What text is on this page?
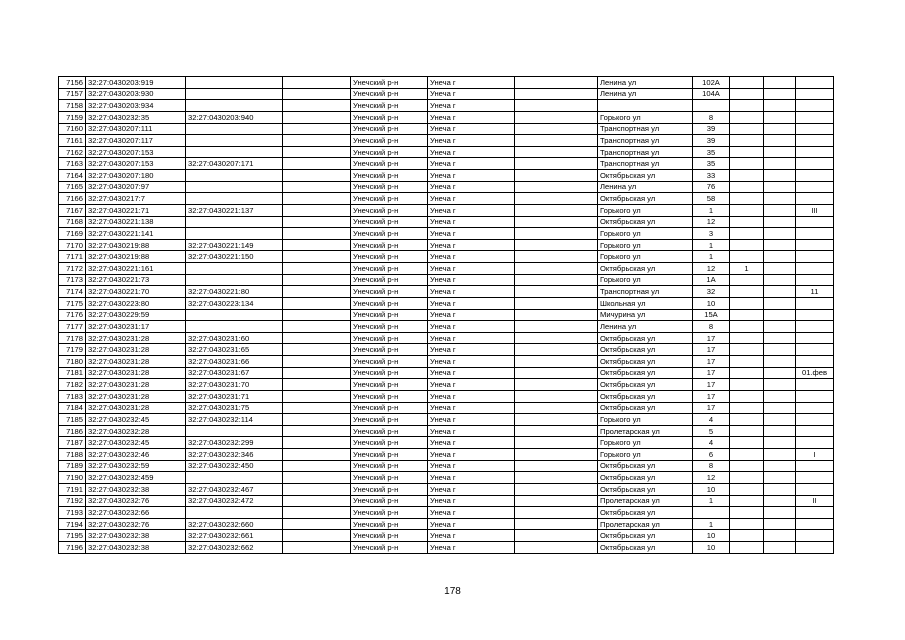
7156	32:27:0430203:919			Унечский р-н	Унеча г		Ленина ул	102А			
7157	32:27:0430203:930			Унечский р-н	Унеча г		Ленина ул	104А			
7158	32:27:0430203:934			Унечский р-н	Унеча г						
7159	32:27:0430232:35	32:27:0430203:940		Унечский р-н	Унеча г		Горького ул	8			
7160	32:27:0430207:111			Унечский р-н	Унеча г		Транспортная ул	39			
7161	32:27:0430207:117			Унечский р-н	Унеча г		Транспортная ул	39			
7162	32:27:0430207:153			Унечский р-н	Унеча г		Транспортная ул	35			
7163	32:27:0430207:153	32:27:0430207:171		Унечский р-н	Унеча г		Транспортная ул	35			
7164	32:27:0430207:180			Унечский р-н	Унеча г		Октябрьская ул	33			
7165	32:27:0430207:97			Унечский р-н	Унеча г		Ленина ул	76			
7166	32:27:0430217:7			Унечский р-н	Унеча г		Октябрьская ул	58			
7167	32:27:0430221:71	32:27:0430221:137		Унечский р-н	Унеча г		Горького ул	1			III
7168	32:27:0430221:138			Унечский р-н	Унеча г		Октябрьская ул	12			
7169	32:27:0430221:141			Унечский р-н	Унеча г		Горького ул	3			
7170	32:27:0430219:88	32:27:0430221:149		Унечский р-н	Унеча г		Горького ул	1			
7171	32:27:0430219:88	32:27:0430221:150		Унечский р-н	Унеча г		Горького ул	1			
7172	32:27:0430221:161			Унечский р-н	Унеча г		Октябрьская ул	12	1		
7173	32:27:0430221:73			Унечский р-н	Унеча г		Горького ул	1А			
7174	32:27:0430221:70	32:27:0430221:80		Унечский р-н	Унеча г		Транспортная ул	32			11
7175	32:27:0430223:80	32:27:0430223:134		Унечский р-н	Унеча г		Школьная ул	10			
7176	32:27:0430229:59			Унечский р-н	Унеча г		Мичурина ул	15А			
7177	32:27:0430231:17			Унечский р-н	Унеча г		Ленина ул	8			
7178	32:27:0430231:28	32:27:0430231:60		Унечский р-н	Унеча г		Октябрьская ул	17			
7179	32:27:0430231:28	32:27:0430231:65		Унечский р-н	Унеча г		Октябрьская ул	17			
7180	32:27:0430231:28	32:27:0430231:66		Унечский р-н	Унеча г		Октябрьская ул	17			
7181	32:27:0430231:28	32:27:0430231:67		Унечский р-н	Унеча г		Октябрьская ул	17			01.фев
7182	32:27:0430231:28	32:27:0430231:70		Унечский р-н	Унеча г		Октябрьская ул	17			
7183	32:27:0430231:28	32:27:0430231:71		Унечский р-н	Унеча г		Октябрьская ул	17			
7184	32:27:0430231:28	32:27:0430231:75		Унечский р-н	Унеча г		Октябрьская ул	17			
7185	32:27:0430232:45	32:27:0430232:114		Унечский р-н	Унеча г		Горького ул	4			
7186	32:27:0430232:28			Унечский р-н	Унеча г		Пролетарская ул	5			
7187	32:27:0430232:45	32:27:0430232:299		Унечский р-н	Унеча г		Горького ул	4			
7188	32:27:0430232:46	32:27:0430232:346		Унечский р-н	Унеча г		Горького ул	6			I
7189	32:27:0430232:59	32:27:0430232:450		Унечский р-н	Унеча г		Октябрьская ул	8			
7190	32:27:0430232:459			Унечский р-н	Унеча г		Октябрьская ул	12			
7191	32:27:0430232:38	32:27:0430232:467		Унечский р-н	Унеча г		Октябрьская ул	10			
7192	32:27:0430232:76	32:27:0430232:472		Унечский р-н	Унеча г		Пролетарская ул	1			II
7193	32:27:0430232:66			Унечский р-н	Унеча г		Октябрьская ул				
7194	32:27:0430232:76	32:27:0430232:660		Унечский р-н	Унеча г		Пролетарская ул	1			
7195	32:27:0430232:38	32:27:0430232:661		Унечский р-н	Унеча г		Октябрьская ул	10			
7196	32:27:0430232:38	32:27:0430232:662		Унечский р-н	Унеча г		Октябрьская ул	10			
178
